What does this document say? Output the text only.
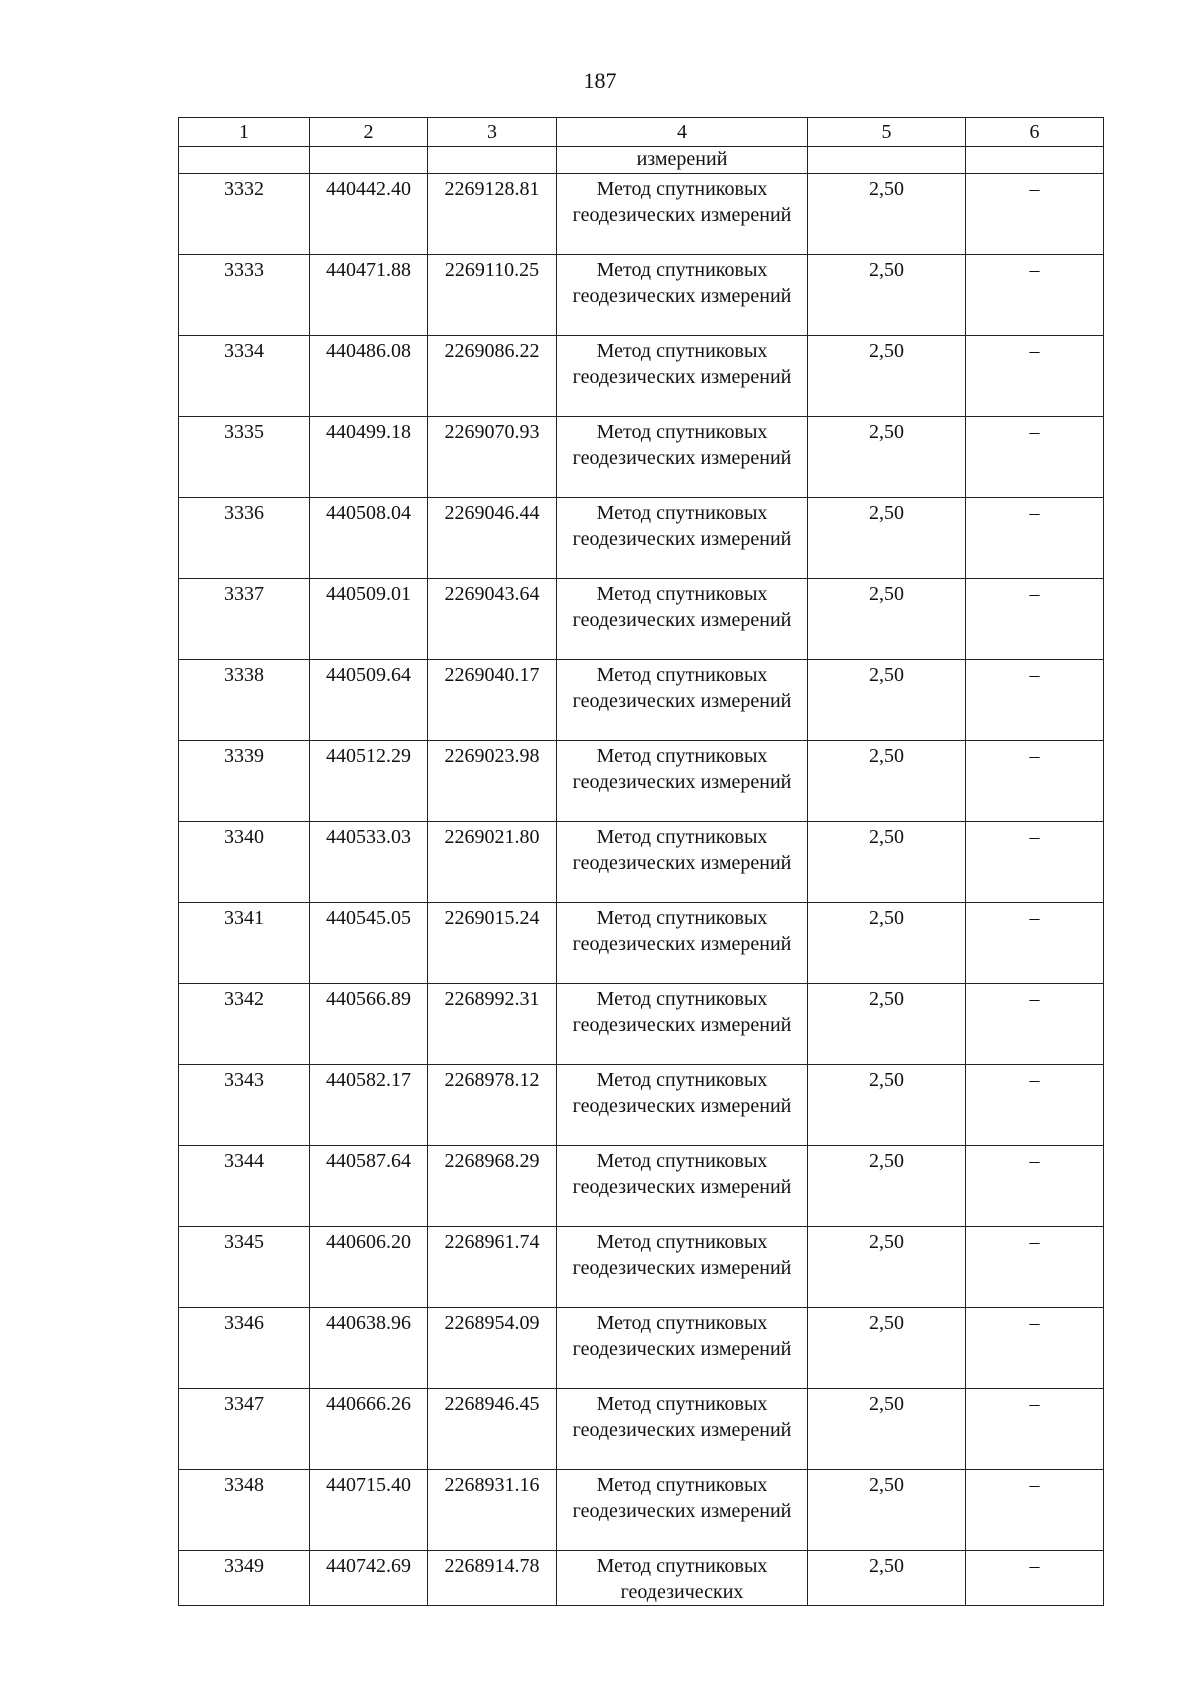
187
1	2	3	4	5	6
			измерений		
3332	440442.40	2269128.81	Метод спутниковых геодезических измерений	2,50	–
3333	440471.88	2269110.25	Метод спутниковых геодезических измерений	2,50	–
3334	440486.08	2269086.22	Метод спутниковых геодезических измерений	2,50	–
3335	440499.18	2269070.93	Метод спутниковых геодезических измерений	2,50	–
3336	440508.04	2269046.44	Метод спутниковых геодезических измерений	2,50	–
3337	440509.01	2269043.64	Метод спутниковых геодезических измерений	2,50	–
3338	440509.64	2269040.17	Метод спутниковых геодезических измерений	2,50	–
3339	440512.29	2269023.98	Метод спутниковых геодезических измерений	2,50	–
3340	440533.03	2269021.80	Метод спутниковых геодезических измерений	2,50	–
3341	440545.05	2269015.24	Метод спутниковых геодезических измерений	2,50	–
3342	440566.89	2268992.31	Метод спутниковых геодезических измерений	2,50	–
3343	440582.17	2268978.12	Метод спутниковых геодезических измерений	2,50	–
3344	440587.64	2268968.29	Метод спутниковых геодезических измерений	2,50	–
3345	440606.20	2268961.74	Метод спутниковых геодезических измерений	2,50	–
3346	440638.96	2268954.09	Метод спутниковых геодезических измерений	2,50	–
3347	440666.26	2268946.45	Метод спутниковых геодезических измерений	2,50	–
3348	440715.40	2268931.16	Метод спутниковых геодезических измерений	2,50	–
3349	440742.69	2268914.78	Метод спутниковых геодезических	2,50	–
